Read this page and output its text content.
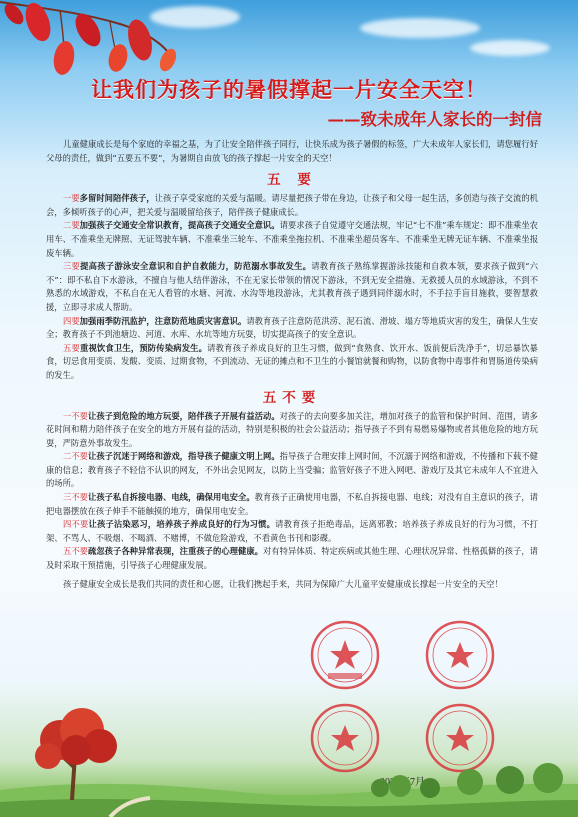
让我们为孩子的暑假撑起一片安全天空！
——致未成年人家长的一封信

儿童健康成长是每个家庭的幸福之基，为了让安全陪伴孩子同行，让快乐成为孩子暑假的标签，广大未成年人家长们，请您履行好父母的责任，做到“五要五不要”，为暑期自由放飞的孩子撑起一片安全的天空！

五 要

一要多留时间陪伴孩子，让孩子享受家庭的关爱与温暖。请尽量把孩子带在身边，让孩子和父母一起生活，多创造与孩子交流的机会，多倾听孩子的心声，把关爱与温暖留给孩子，陪伴孩子健康成长。

二要加强孩子交通安全常识教育，提高孩子交通安全意识。请要求孩子自觉遵守交通法规，牢记“七不准”乘车规定：即不准乘坐农用车、不准乘坐无牌照、无证驾驶车辆、不准乘坐三轮车、不准乘坐拖拉机、不准乘坐超员客车、不准乘坐无牌无证车辆、不准乘坐报废车辆。

三要提高孩子游泳安全意识和自护自救能力，防范溺水事故发生。请教育孩子熟练掌握游泳技能和自救本领，要求孩子做到“六不”：即不私自下水游泳，不擅自与他人结伴游泳，不在无家长带领的情况下游泳，不到无安全措施、无救援人员的水域游泳，不到不熟悉的水域游戏，不私自在无人看管的水塘、河流、水沟等地段游泳，尤其教育孩子遇到同伴溺水时，不手拉手盲目施救，要智慧救援，立即寻求成人帮助。

四要加强雨季防汛监护，注意防范地质灾害意识。请教育孩子注意防范洪涝、泥石流、滑坡、塌方等地质灾害的发生，确保人生安全；教育孩子不到池塘边、河道、水库、水坑等地方玩耍，切实提高孩子的安全意识。

五要重视饮食卫生，预防传染病发生。请教育孩子养成良好的卫生习惯，做到“食熟食、饮开水、饭前便后洗净手”，切忌暴饮暴食，切忌食用变质、发酸、变质、过期食物，不到流动、无证的摊点和不卫生的小餐馆就餐和购物，以防食物中毒事件和胃肠道传染病的发生。

五不要

一不要让孩子到危险的地方玩耍，陪伴孩子开展有益活动。对孩子的去向要多加关注，增加对孩子的监管和保护时间、范围，请多花时间和精力陪伴孩子在安全的地方开展有益的活动，特别是积极的社会公益活动；指导孩子不到有易燃易爆物或者其他危险的地方玩耍，严防意外事故发生。

二不要让孩子沉迷于网络和游戏，指导孩子健康文明上网。指导孩子合理安排上网时间，不沉溺于网络和游戏，不传播和下载不健康的信息；教育孩子不轻信不认识的网友，不外出会见网友，以防上当受骗；监管好孩子不进入网吧、游戏厅及其它未成年人不宜进入的场所。

三不要让孩子私自拆接电器、电线，确保用电安全。教育孩子正确使用电器，不私自拆接电器、电线；对没有自主意识的孩子，请把电器摆放在孩子伸手不能触摸的地方，确保用电安全。

四不要让孩子沾染恶习，培养孩子养成良好的行为习惯。请教育孩子拒绝毒品，远离邪教；培养孩子养成良好的行为习惯，不打架、不骂人、不吸烟、不喝酒、不赌博，不做危险游戏，不看黄色书刊和影碟。

五不要疏忽孩子各种异常表现，注重孩子的心理健康。对有特异体质、特定疾病或其他生理、心理状况异常、性格孤僻的孩子，请及时采取干预措施，引导孩子心理健康发展。

孩子健康安全成长是我们共同的责任和心愿，让我们携起手来，共同为保障广大儿童平安健康成长撑起一片安全的天空！
